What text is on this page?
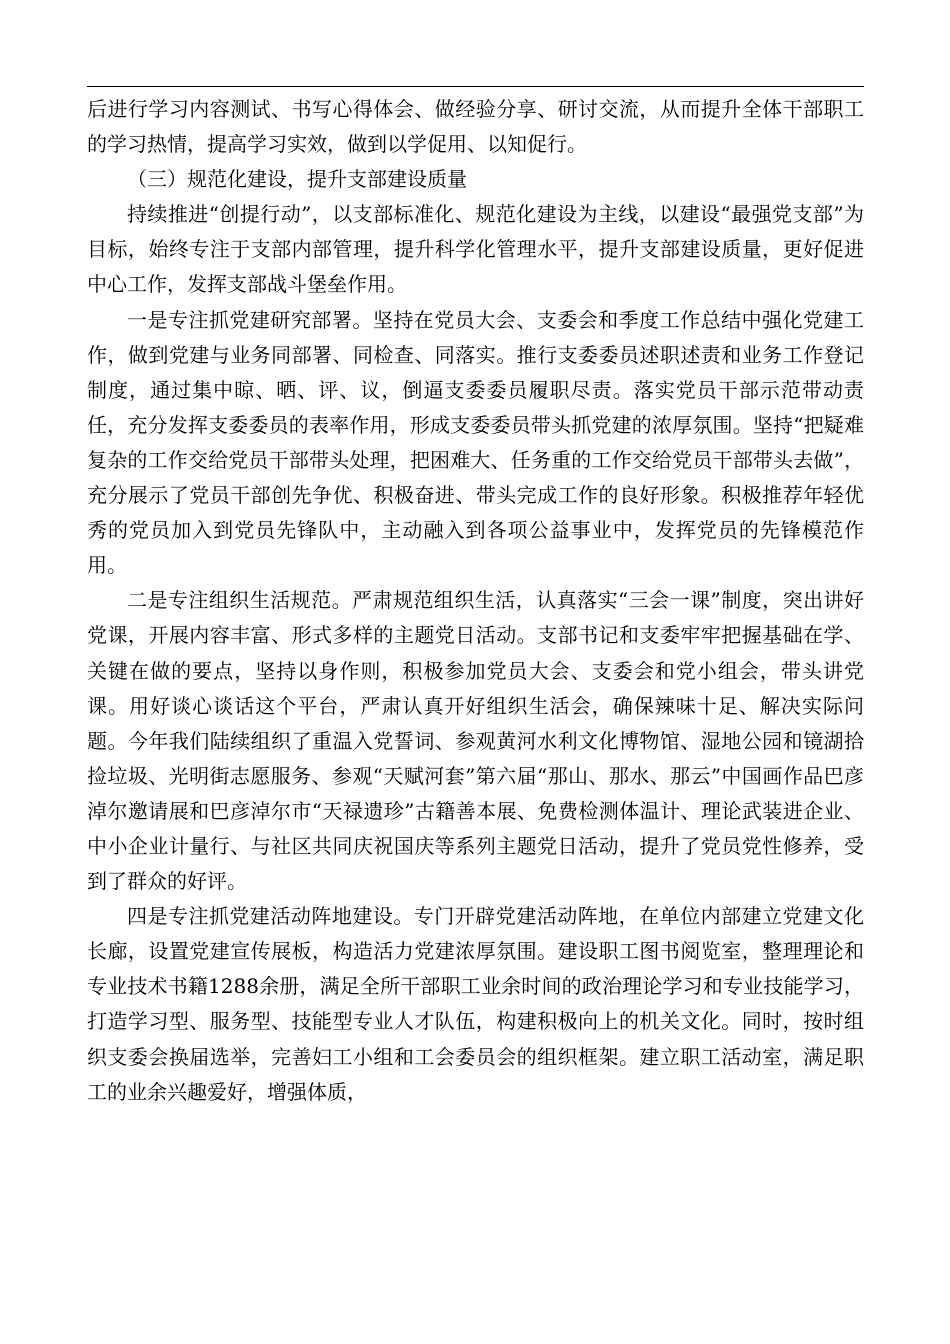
后进行学习内容测试、书写心得体会、做经验分享、研讨交流，从而提升全体干部职工的学习热情，提高学习实效，做到以学促用、以知促行。

（三）规范化建设，提升支部建设质量

持续推进“创提行动”，以支部标准化、规范化建设为主线，以建设“最强党支部”为目标，始终专注于支部内部管理，提升科学化管理水平，提升支部建设质量，更好促进中心工作，发挥支部战斗堡垒作用。

一是专注抓党建研究部署。坚持在党员大会、支委会和季度工作总结中强化党建工作，做到党建与业务同部署、同检查、同落实。推行支委委员述职述责和业务工作登记制度，通过集中晾、晒、评、议，倒逼支委委员履职尽责。落实党员干部示范带动责任，充分发挥支委委员的表率作用，形成支委委员带头抓党建的浓厚氛围。坚持“把疑难复杂的工作交给党员干部带头处理，把困难大、任务重的工作交给党员干部带头去做”，充分展示了党员干部创先争优、积极奋进、带头完成工作的良好形象。积极推荐年轻优秀的党员加入到党员先锋队中，主动融入到各项公益事业中，发挥党员的先锋模范作用。

二是专注组织生活规范。严肃规范组织生活，认真落实“三会一课”制度，突出讲好党课，开展内容丰富、形式多样的主题党日活动。支部书记和支委牢牢把握基础在学、关键在做的要点，坚持以身作则，积极参加党员大会、支委会和党小组会，带头讲党课。用好谈心谈话这个平台，严肃认真开好组织生活会，确保辣味十足、解决实际问题。今年我们陆续组织了重温入党誓词、参观黄河水利文化博物馆、湿地公园和镜湖拾捡垃圾、光明街志愿服务、参观“天赋河套”第六届“那山、那水、那云”中国画作品巴彦淖尔邀请展和巴彦淖尔市“天禄遗珍”古籍善本展、免费检测体温计、理论武装进企业、中小企业计量行、与社区共同庆祝国庆等系列主题党日活动，提升了党员党性修养，受到了群众的好评。

四是专注抓党建活动阵地建设。专门开辟党建活动阵地，在单位内部建立党建文化长廊，设置党建宣传展板，构造活力党建浓厚氛围。建设职工图书阅览室，整理理论和专业技术书籍1288余册，满足全所干部职工业余时间的政治理论学习和专业技能学习，打造学习型、服务型、技能型专业人才队伍，构建积极向上的机关文化。同时，按时组织支委会换届选举，完善妇工小组和工会委员会的组织框架。建立职工活动室，满足职工的业余兴趣爱好，增强体质，
